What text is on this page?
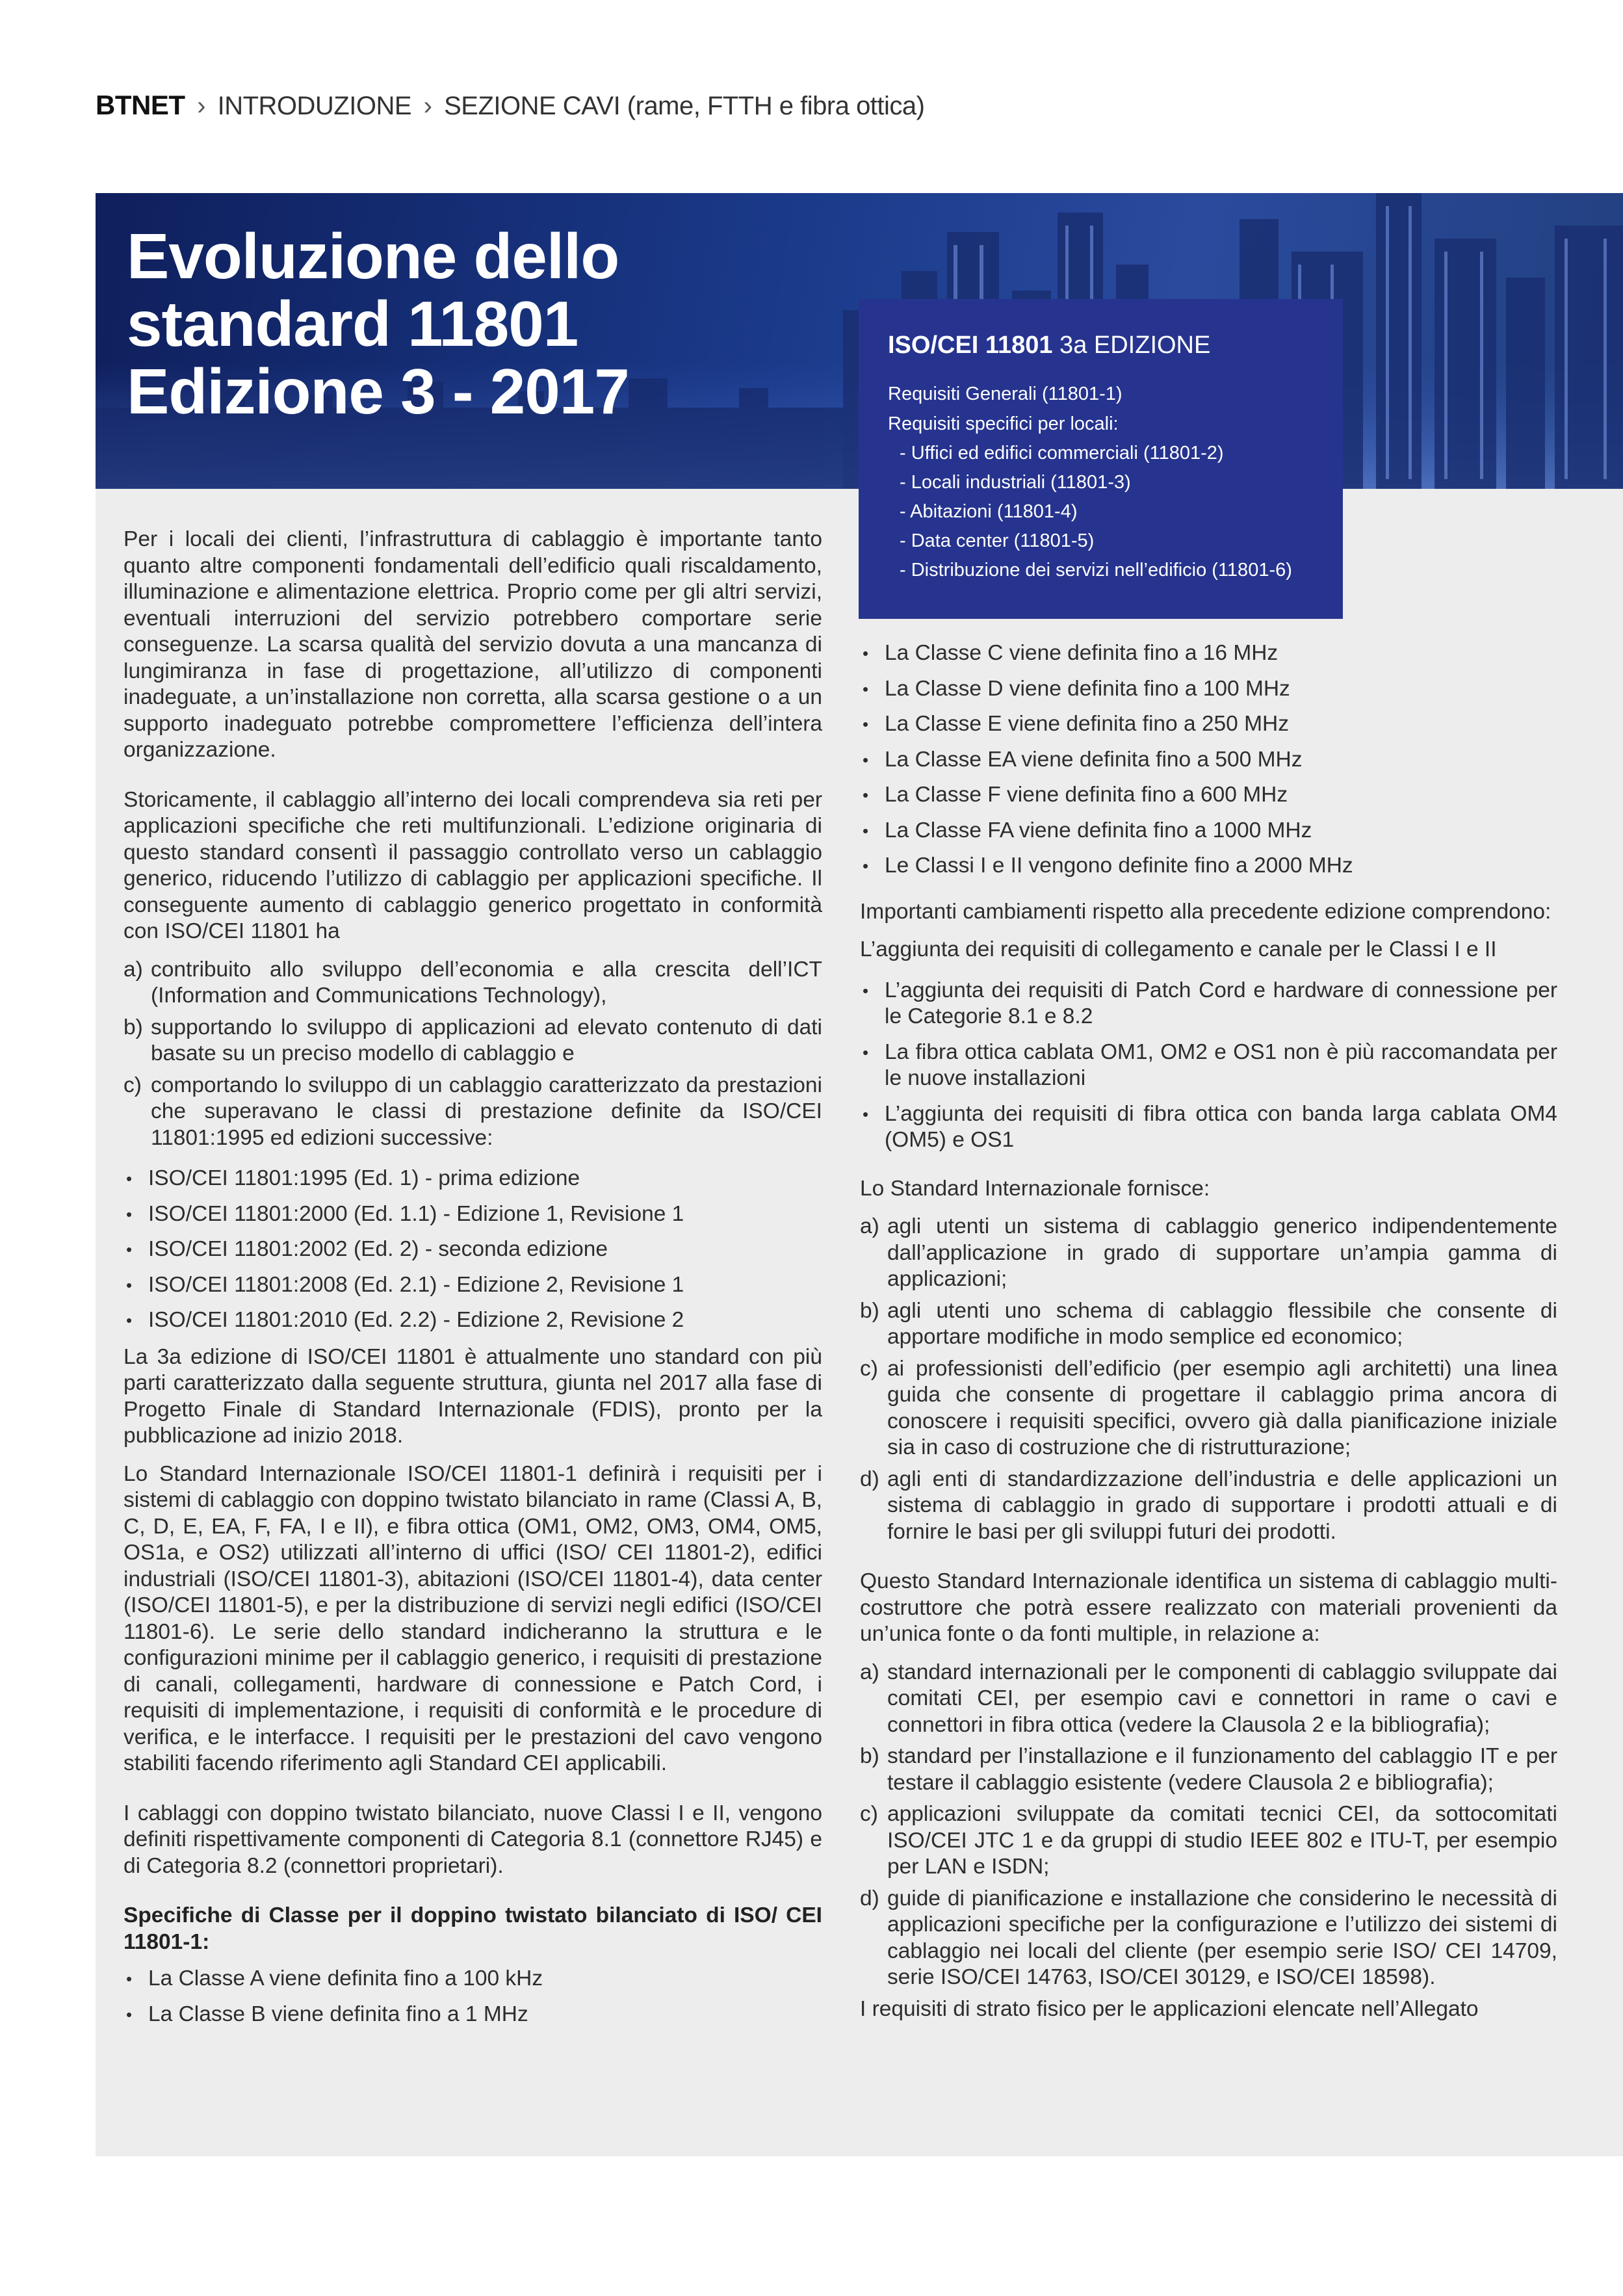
BTNET › INTRODUZIONE › SEZIONE CAVI (rame, FTTH e fibra ottica)
Evoluzione dello
standard 11801
Edizione 3 - 2017
ISO/CEI 11801 3a EDIZIONE
Requisiti Generali (11801-1)
Requisiti specifici per locali:
- Uffici ed edifici commerciali (11801-2)
- Locali industriali (11801-3)
- Abitazioni (11801-4)
- Data center (11801-5)
- Distribuzione dei servizi nell’edificio (11801-6)

Per i locali dei clienti, l’infrastruttura di cablaggio è importante tanto quanto altre componenti fondamentali dell’edificio quali riscaldamento, illuminazione e alimentazione elettrica. Proprio come per gli altri servizi, eventuali interruzioni del servizio potrebbero comportare serie conseguenze. La scarsa qualità del servizio dovuta a una mancanza di lungimiranza in fase di progettazione, all’utilizzo di componenti inadeguate, a un’installazione non corretta, alla scarsa gestione o a un supporto inadeguato potrebbe compromettere l’efficienza dell’intera organizzazione.

Storicamente, il cablaggio all’interno dei locali comprendeva sia reti per applicazioni specifiche che reti multifunzionali. L’edizione originaria di questo standard consentì il passaggio controllato verso un cablaggio generico, riducendo l’utilizzo di cablaggio per applicazioni specifiche. Il conseguente aumento di cablaggio generico progettato in conformità con ISO/CEI 11801 ha

a) contribuito allo sviluppo dell’economia e alla crescita dell’ICT (Information and Communications Technology),
b) supportando lo sviluppo di applicazioni ad elevato contenuto di dati basate su un preciso modello di cablaggio e
c) comportando lo sviluppo di un cablaggio caratterizzato da prestazioni che superavano le classi di prestazione definite da ISO/CEI 11801:1995 ed edizioni successive:
• ISO/CEI 11801:1995 (Ed. 1) - prima edizione
• ISO/CEI 11801:2000 (Ed. 1.1) - Edizione 1, Revisione 1
• ISO/CEI 11801:2002 (Ed. 2) - seconda edizione
• ISO/CEI 11801:2008 (Ed. 2.1) - Edizione 2, Revisione 1
• ISO/CEI 11801:2010 (Ed. 2.2) - Edizione 2, Revisione 2

La 3a edizione di ISO/CEI 11801 è attualmente uno standard con più parti caratterizzato dalla seguente struttura, giunta nel 2017 alla fase di Progetto Finale di Standard Internazionale (FDIS), pronto per la pubblicazione ad inizio 2018.

Lo Standard Internazionale ISO/CEI 11801-1 definirà i requisiti per i sistemi di cablaggio con doppino twistato bilanciato in rame (Classi A, B, C, D, E, EA, F, FA, I e II), e fibra ottica (OM1, OM2, OM3, OM4, OM5, OS1a, e OS2) utilizzati all’interno di uffici (ISO/ CEI 11801-2), edifici industriali (ISO/CEI 11801-3), abitazioni (ISO/CEI 11801-4), data center (ISO/CEI 11801-5), e per la distribuzione di servizi negli edifici (ISO/CEI 11801-6). Le serie dello standard indicheranno la struttura e le configurazioni minime per il cablaggio generico, i requisiti di prestazione di canali, collegamenti, hardware di connessione e Patch Cord, i requisiti di implementazione, i requisiti di conformità e le procedure di verifica, e le interfacce. I requisiti per le prestazioni del cavo vengono stabiliti facendo riferimento agli Standard CEI applicabili.

I cablaggi con doppino twistato bilanciato, nuove Classi I e II, vengono definiti rispettivamente componenti di Categoria 8.1 (connettore RJ45) e di Categoria 8.2 (connettori proprietari).

Specifiche di Classe per il doppino twistato bilanciato di ISO/ CEI 11801-1:
• La Classe A viene definita fino a 100 kHz
• La Classe B viene definita fino a 1 MHz
• La Classe C viene definita fino a 16 MHz
• La Classe D viene definita fino a 100 MHz
• La Classe E viene definita fino a 250 MHz
• La Classe EA viene definita fino a 500 MHz
• La Classe F viene definita fino a 600 MHz
• La Classe FA viene definita fino a 1000 MHz
• Le Classi I e II vengono definite fino a 2000 MHz

Importanti cambiamenti rispetto alla precedente edizione comprendono:

L’aggiunta dei requisiti di collegamento e canale per le Classi I e II

• L’aggiunta dei requisiti di Patch Cord e hardware di connessione per le Categorie 8.1 e 8.2
• La fibra ottica cablata OM1, OM2 e OS1 non è più raccomandata per le nuove installazioni
• L’aggiunta dei requisiti di fibra ottica con banda larga cablata OM4 (OM5) e OS1

Lo Standard Internazionale fornisce:

a) agli utenti un sistema di cablaggio generico indipendentemente dall’applicazione in grado di supportare un’ampia gamma di applicazioni;
b) agli utenti uno schema di cablaggio flessibile che consente di apportare modifiche in modo semplice ed economico;
c) ai professionisti dell’edificio (per esempio agli architetti) una linea guida che consente di progettare il cablaggio prima ancora di conoscere i requisiti specifici, ovvero già dalla pianificazione iniziale sia in caso di costruzione che di ristrutturazione;
d) agli enti di standardizzazione dell’industria e delle applicazioni un sistema di cablaggio in grado di supportare i prodotti attuali e di fornire le basi per gli sviluppi futuri dei prodotti.

Questo Standard Internazionale identifica un sistema di cablaggio multi-costruttore che potrà essere realizzato con materiali provenienti da un’unica fonte o da fonti multiple, in relazione a:

a) standard internazionali per le componenti di cablaggio sviluppate dai comitati CEI, per esempio cavi e connettori in rame o cavi e connettori in fibra ottica (vedere la Clausola 2 e la bibliografia);
b) standard per l’installazione e il funzionamento del cablaggio IT e per testare il cablaggio esistente (vedere Clausola 2 e bibliografia);
c) applicazioni sviluppate da comitati tecnici CEI, da sottocomitati ISO/CEI JTC 1 e da gruppi di studio IEEE 802 e ITU-T, per esempio per LAN e ISDN;
d) guide di pianificazione e installazione che considerino le necessità di applicazioni specifiche per la configurazione e l’utilizzo dei sistemi di cablaggio nei locali del cliente (per esempio serie ISO/ CEI 14709, serie ISO/CEI 14763, ISO/CEI 30129, e ISO/CEI 18598).

I requisiti di strato fisico per le applicazioni elencate nell’Allegato
